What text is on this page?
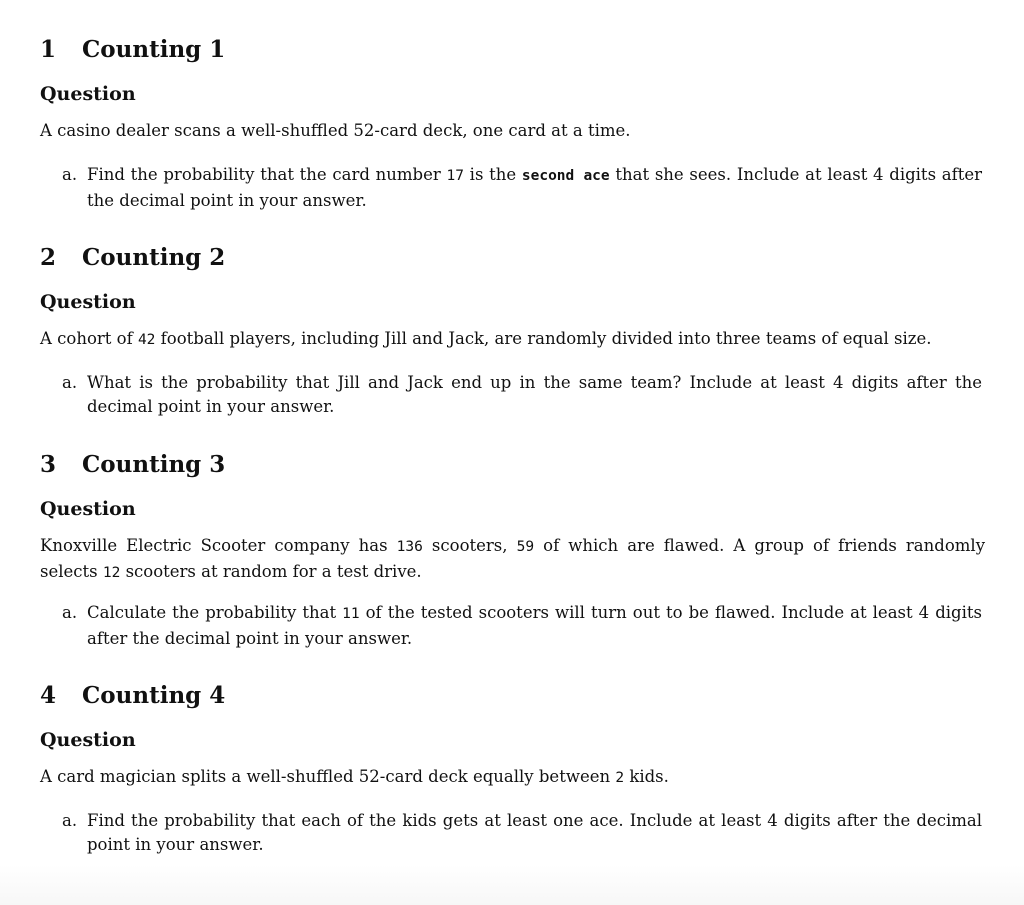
1 Counting 1
Question
A casino dealer scans a well-shuffled 52-card deck, one card at a time.
a. Find the probability that the card number 17 is the second ace that she sees. Include at least 4 digits after the decimal point in your answer.
2 Counting 2
Question
A cohort of 42 football players, including Jill and Jack, are randomly divided into three teams of equal size.
a. What is the probability that Jill and Jack end up in the same team? Include at least 4 digits after the decimal point in your answer.
3 Counting 3
Question
Knoxville Electric Scooter company has 136 scooters, 59 of which are flawed. A group of friends randomly selects 12 scooters at random for a test drive.
a. Calculate the probability that 11 of the tested scooters will turn out to be flawed. Include at least 4 digits after the decimal point in your answer.
4 Counting 4
Question
A card magician splits a well-shuffled 52-card deck equally between 2 kids.
a. Find the probability that each of the kids gets at least one ace. Include at least 4 digits after the decimal point in your answer.
